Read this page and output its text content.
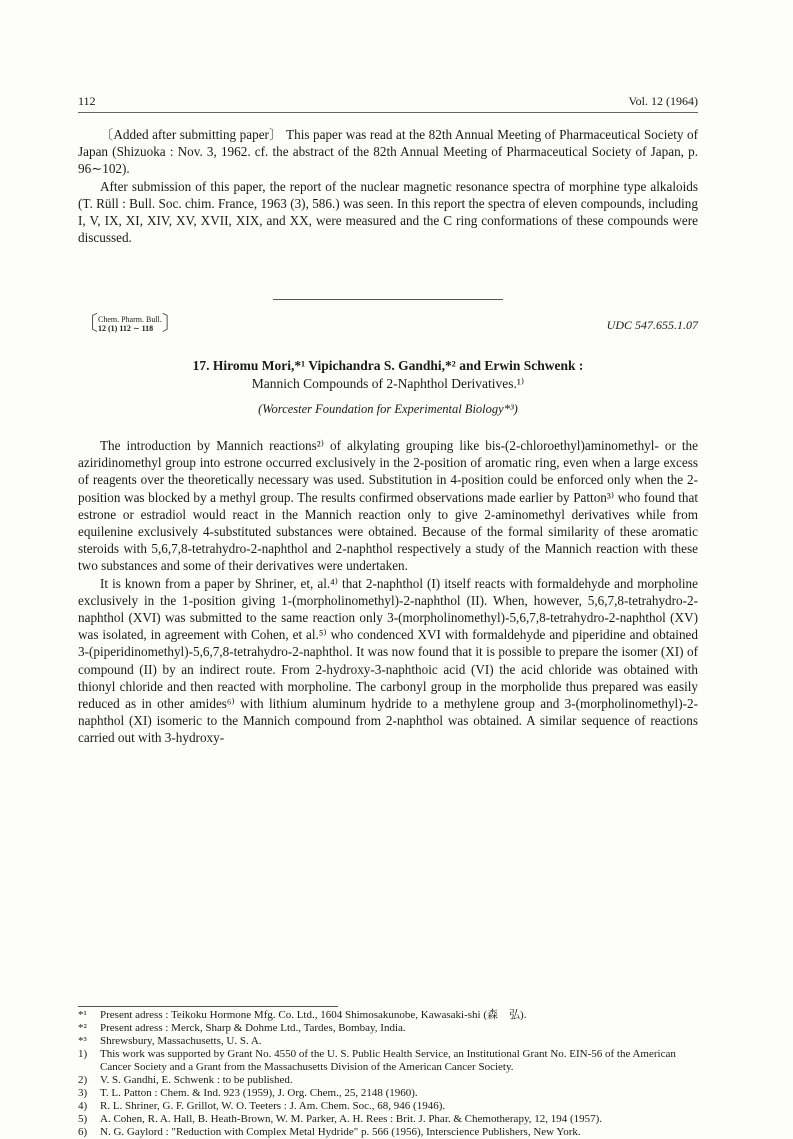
112	Vol. 12 (1964)

〔Added after submitting paper〕 This paper was read at the 82th Annual Meeting of Pharmaceutical Society of Japan (Shizuoka : Nov. 3, 1962. cf. the abstract of the 82th Annual Meeting of Pharmaceutical Society of Japan, p. 96∼102).

After submission of this paper, the report of the nuclear magnetic resonance spectra of morphine type alkaloids (T. Rüll : Bull. Soc. chim. France, 1963 (3), 586.) was seen. In this report the spectra of eleven compounds, including I, V, IX, XI, XIV, XV, XVII, XIX, and XX, were measured and the C ring conformations of these compounds were discussed.

〔Chem. Pharm. Bull.
12 (1) 112 ∼ 118 〕	UDC 547.655.1.07
17. Hiromu Mori,*¹ Vipichandra S. Gandhi,*² and Erwin Schwenk :
Mannich Compounds of 2-Naphthol Derivatives.¹⁾
(Worcester Foundation for Experimental Biology*³)

The introduction by Mannich reactions²⁾ of alkylating grouping like bis-(2-chloroethyl)aminomethyl- or the aziridinomethyl group into estrone occurred exclusively in the 2-position of aromatic ring, even when a large excess of reagents over the theoretically necessary was used. Substitution in 4-position could be enforced only when the 2-position was blocked by a methyl group. The results confirmed observations made earlier by Patton³⁾ who found that estrone or estradiol would react in the Mannich reaction only to give 2-aminomethyl derivatives while from equilenine exclusively 4-substituted substances were obtained. Because of the formal similarity of these aromatic steroids with 5,6,7,8-tetrahydro-2-naphthol and 2-naphthol respectively a study of the Mannich reaction with these two substances and some of their derivatives were undertaken.

It is known from a paper by Shriner, et, al.⁴⁾ that 2-naphthol (I) itself reacts with formaldehyde and morpholine exclusively in the 1-position giving 1-(morpholinomethyl)-2-naphthol (II). When, however, 5,6,7,8-tetrahydro-2-naphthol (XVI) was submitted to the same reaction only 3-(morpholinomethyl)-5,6,7,8-tetrahydro-2-naphthol (XV) was isolated, in agreement with Cohen, et al.⁵⁾ who condenced XVI with formaldehyde and piperidine and obtained 3-(piperidinomethyl)-5,6,7,8-tetrahydro-2-naphthol. It was now found that it is possible to prepare the isomer (XI) of compound (II) by an indirect route. From 2-hydroxy-3-naphthoic acid (VI) the acid chloride was obtained with thionyl chloride and then reacted with morpholine. The carbonyl group in the morpholide thus prepared was easily reduced as in other amides⁶⁾ with lithium aluminum hydride to a methylene group and 3-(morpholinomethyl)-2-naphthol (XI) isomeric to the Mannich compound from 2-naphthol was obtained. A similar sequence of reactions carried out with 3-hydroxy-

*¹	Present adress : Teikoku Hormone Mfg. Co. Ltd., 1604 Shimosakunobe, Kawasaki-shi (森　弘).
*²	Present adress : Merck, Sharp & Dohme Ltd., Tardes, Bombay, India.
*³	Shrewsbury, Massachusetts, U. S. A.
1)	This work was supported by Grant No. 4550 of the U. S. Public Health Service, an Institutional Grant No. EIN-56 of the American Cancer Society and a Grant from the Massachusetts Division of the American Cancer Society.
2)	V. S. Gandhi, E. Schwenk : to be published.
3)	T. L. Patton : Chem. & Ind. 923 (1959), J. Org. Chem., 25, 2148 (1960).
4)	R. L. Shriner, G. F. Grillot, W. O. Teeters : J. Am. Chem. Soc., 68, 946 (1946).
5)	A. Cohen, R. A. Hall, B. Heath-Brown, W. M. Parker, A. H. Rees : Brit. J. Phar. & Chemotherapy, 12, 194 (1957).
6)	N. G. Gaylord : "Reduction with Complex Metal Hydride" p. 566 (1956), Interscience Publishers, New York.
